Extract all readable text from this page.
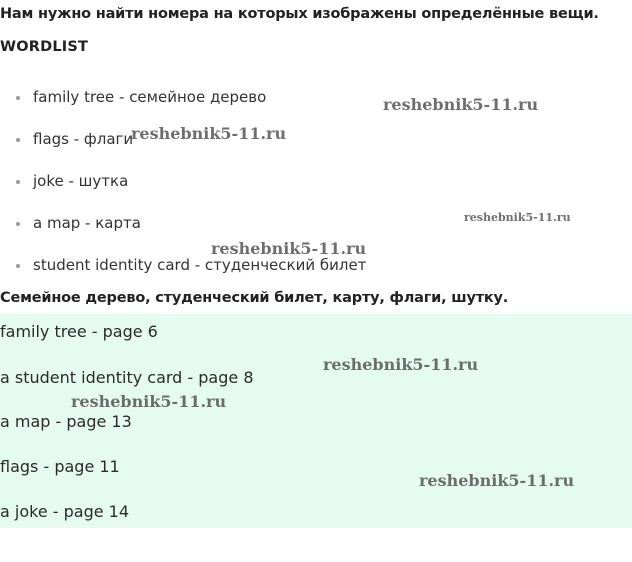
Нам нужно найти номера на которых изображены определённые вещи.
WORDLIST
family tree - семейное дерево
flags - флаги
joke - шутка
a map - карта
student identity card - студенческий билет
Семейное дерево, студенческий билет, карту, флаги, шутку.
family tree - page 6
a student identity card - page 8
a map - page 13
flags - page 11
a joke - page 14
reshebnik5-11.ru
reshebnik5-11.ru
reshebnik5-11.ru
reshebnik5-11.ru
reshebnik5-11.ru
reshebnik5-11.ru
reshebnik5-11.ru
